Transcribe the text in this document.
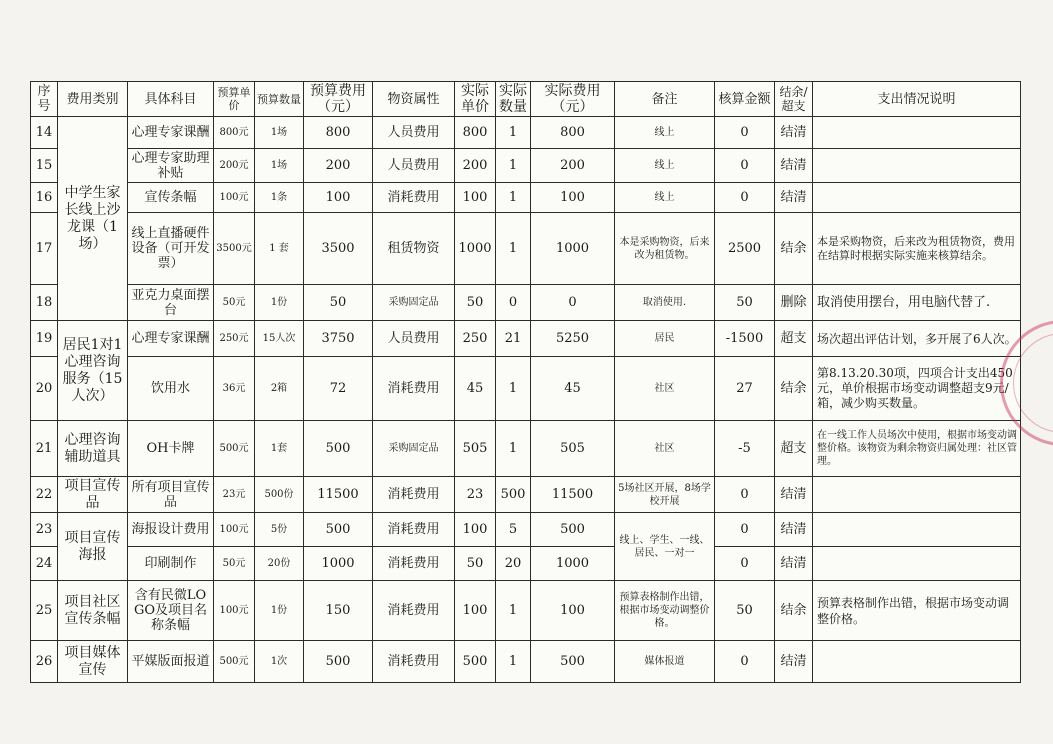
序号	费用类别	具体科目	预算单价	预算数量	预算费用（元）	物资属性	实际单价	实际数量	实际费用（元）	备注	核算金额	结余/超支	支出情况说明
14	中学生家长线上沙龙课（1场）	心理专家课酬	800元	1场	800	人员费用	800	1	800	线上	0	结清	
15		心理专家助理补贴	200元	1场	200	人员费用	200	1	200	线上	0	结清	
16		宣传条幅	100元	1条	100	消耗费用	100	1	100	线上	0	结清	
17		线上直播硬件设备（可开发票）	3500元	1 套	3500	租赁物资	1000	1	1000	本是采购物资，后来改为租赁物。	2500	结余	本是采购物资，后来改为租赁物资，费用在结算时根据实际实施来核算结余。
18		亚克力桌面摆台	50元	1份	50	采购固定品	50	0	0	取消使用.	50	删除	取消使用摆台，用电脑代替了.
19	居民1对1心理咨询服务（15人次）	心理专家课酬	250元	15人次	3750	人员费用	250	21	5250	居民	-1500	超支	场次超出评估计划，多开展了6人次。
20		饮用水	36元	2箱	72	消耗费用	45	1	45	社区	27	结余	第8.13.20.30项，四项合计支出450元，单价根据市场变动调整超支9元/箱，减少购买数量。
21	心理咨询辅助道具	OH卡牌	500元	1套	500	采购固定品	505	1	505	社区	-5	超支	在一线工作人员场次中使用，根据市场变动调整价格。该物资为剩余物资归属处理：社区管理。
22	项目宣传品	所有项目宣传品	23元	500份	11500	消耗费用	23	500	11500	5场社区开展，8场学校开展	0	结清	
23	项目宣传海报	海报设计费用	100元	5份	500	消耗费用	100	5	500	线上、学生、一线、居民、一对一	0	结清	
24		印刷制作	50元	20份	1000	消耗费用	50	20	1000		0	结清	
25	项目社区宣传条幅	含有民微LOGO及项目名称条幅	100元	1份	150	消耗费用	100	1	100	预算表格制作出错，根据市场变动调整价格。	50	结余	预算表格制作出错，根据市场变动调整价格。
26	项目媒体宣传	平媒版面报道	500元	1次	500	消耗费用	500	1	500	媒体报道	0	结清	
